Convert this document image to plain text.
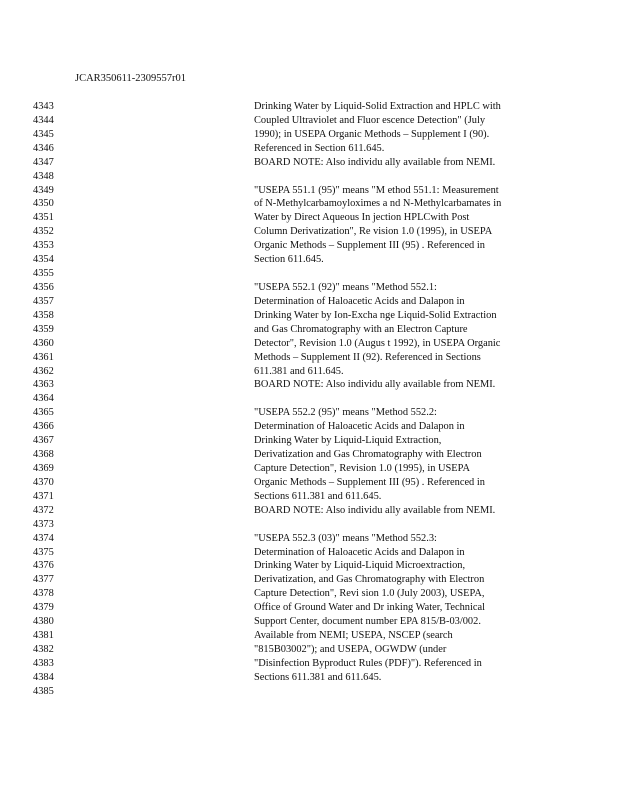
JCAR350611-2309557r01
4343	Drinking Water by Liquid-Solid Extraction and HPLC with
4344	Coupled Ultraviolet and Fluor escence Detection" (July
4345	1990); in USEPA Organic Methods – Supplement I (90).
4346	Referenced in Section 611.645.
4347	BOARD NOTE: Also individu ally available from NEMI.
4348
4349	"USEPA 551.1 (95)" means "M ethod 551.1: Measurement
4350	of N-Methylcarbamoyloximes a nd N-Methylcarbamates in
4351	Water by Direct Aqueous In jection HPLCwith Post
4352	Column Derivatization", Re vision 1.0 (1995), in USEPA
4353	Organic Methods – Supplement III (95) . Referenced in
4354	Section 611.645.
4355
4356	"USEPA 552.1 (92)" means "Method 552.1:
4357	Determination of Haloacetic Acids and Dalapon in
4358	Drinking Water by Ion-Excha nge Liquid-Solid Extraction
4359	and Gas Chromatography with an Electron Capture
4360	Detector", Revision 1.0 (Augus t 1992), in USEPA Organic
4361	Methods – Supplement II (92). Referenced in Sections
4362	611.381 and 611.645.
4363	BOARD NOTE: Also individu ally available from NEMI.
4364
4365	"USEPA 552.2 (95)" means "Method 552.2:
4366	Determination of Haloacetic Acids and Dalapon in
4367	Drinking Water by Liquid-Liquid Extraction,
4368	Derivatization and Gas Chromatography with Electron
4369	Capture Detection", Revision 1.0 (1995), in USEPA
4370	Organic Methods – Supplement III (95) . Referenced in
4371	Sections 611.381 and 611.645.
4372	BOARD NOTE: Also individu ally available from NEMI.
4373
4374	"USEPA 552.3 (03)" means "Method 552.3:
4375	Determination of Haloacetic Acids and Dalapon in
4376	Drinking Water by Liquid-Liquid Microextraction,
4377	Derivatization, and Gas Chromatography with Electron
4378	Capture Detection", Revi sion 1.0 (July 2003), USEPA,
4379	Office of Ground Water and Dr inking Water, Technical
4380	Support Center, document number EPA 815/B-03/002.
4381	Available from NEMI; USEPA, NSCEP (search
4382	"815B03002"); and USEPA, OGWDW (under
4383	"Disinfection Byproduct Rules (PDF)"). Referenced in
4384	Sections 611.381 and 611.645.
4385
